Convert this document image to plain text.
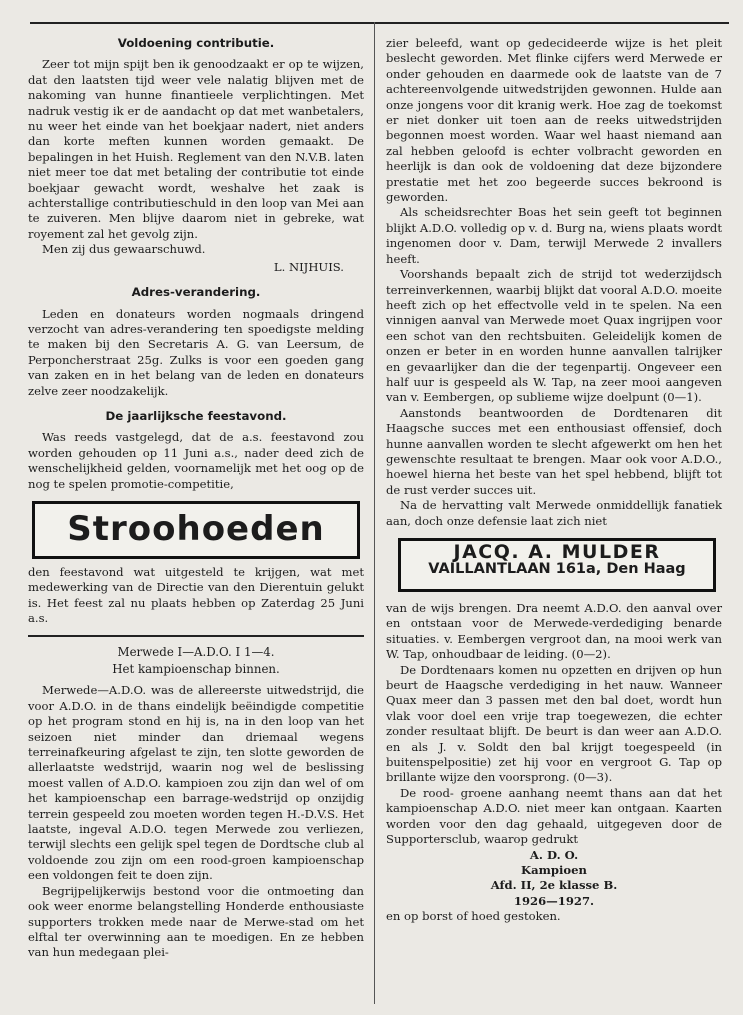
Voldoening contributie.

Zeer tot mijn spijt ben ik genoodzaakt er op te wijzen, dat den laatsten tijd weer vele nalatig blijven met de nakoming van hunne finantieele verplichtingen. Met nadruk vestig ik er de aandacht op dat met wanbetalers, nu weer het einde van het boekjaar nadert, niet anders dan korte meften kunnen worden gemaakt. De bepalingen in het Huish. Reglement van den N.V.B. laten niet meer toe dat met betaling der contributie tot einde boekjaar gewacht wordt, weshalve het zaak is achterstallige contributieschuld in den loop van Mei aan te zuiveren. Men blijve daarom niet in gebreke, wat royement zal het gevolg zijn.

Men zij dus gewaarschuwd.

L. NIJHUIS.
Adres-verandering.

Leden en donateurs worden nogmaals dringend verzocht van adres-verandering ten spoedigste melding te maken bij den Secretaris A. G. van Leersum, de Perponcherstraat 25g. Zulks is voor een goeden gang van zaken en in het belang van de leden en donateurs zelve zeer noodzakelijk.

De jaarlijksche feestavond.

Was reeds vastgelegd, dat de a.s. feestavond zou worden gehouden op 11 Juni a.s., nader deed zich de wenschelijkheid gelden, voornamelijk met het oog op de nog te spelen promotie-competitie,

Stroohoeden

den feestavond wat uitgesteld te krijgen, wat met medewerking van de Directie van den Dierentuin gelukt is. Het feest zal nu plaats hebben op Zaterdag 25 Juni a.s.

Merwede I—A.D.O. I 1—4.
Het kampioenschap binnen.

Merwede—A.D.O. was de allereerste uitwedstrijd, die voor A.D.O. in de thans eindelijk beëindigde competitie op het program stond en hij is, na in den loop van het seizoen niet minder dan driemaal wegens terreinafkeuring afgelast te zijn, ten slotte geworden de allerlaatste wedstrijd, waarin nog wel de beslissing moest vallen of A.D.O. kampioen zou zijn dan wel of om het kampioenschap een barrage-wedstrijd op onzijdig terrein gespeeld zou moeten worden tegen H.-D.V.S. Het laatste, ingeval A.D.O. tegen Merwede zou verliezen, terwijl slechts een gelijk spel tegen de Dordtsche club al voldoende zou zijn om een rood-groen kampioenschap een voldongen feit te doen zijn.

Begrijpelijkerwijs bestond voor die ontmoeting dan ook weer enorme belangstelling Honderde enthousiaste supporters trokken mede naar de Merwe-stad om het elftal ter overwinning aan te moedigen. En ze hebben van hun medegaan plei-

zier beleefd, want op gedecideerde wijze is het pleit beslecht geworden. Met flinke cijfers werd Merwede er onder gehouden en daarmede ook de laatste van de 7 achtereenvolgende uitwedstrijden gewonnen. Hulde aan onze jongens voor dit kranig werk. Hoe zag de toekomst er niet donker uit toen aan de reeks uitwedstrijden begonnen moest worden. Waar wel haast niemand aan zal hebben geloofd is echter volbracht geworden en heerlijk is dan ook de voldoening dat deze bijzondere prestatie met het zoo begeerde succes bekroond is geworden.

Als scheidsrechter Boas het sein geeft tot beginnen blijkt A.D.O. volledig op v. d. Burg na, wiens plaats wordt ingenomen door v. Dam, terwijl Merwede 2 invallers heeft.

Voorshands bepaalt zich de strijd tot wederzijdsch terreinverkennen, waarbij blijkt dat vooral A.D.O. moeite heeft zich op het effectvolle veld in te spelen. Na een vinnigen aanval van Merwede moet Quax ingrijpen voor een schot van den rechtsbuiten. Geleidelijk komen de onzen er beter in en worden hunne aanvallen talrijker en gevaarlijker dan die der tegenpartij. Ongeveer een half uur is gespeeld als W. Tap, na zeer mooi aangeven van v. Eembergen, op sublieme wijze doelpunt (0—1).

Aanstonds beantwoorden de Dordtenaren dit Haagsche succes met een enthousiast offensief, doch hunne aanvallen worden te slecht afgewerkt om hen het gewenschte resultaat te brengen. Maar ook voor A.D.O., hoewel hierna het beste van het spel hebbend, blijft tot de rust verder succes uit.

Na de hervatting valt Merwede onmiddellijk fanatiek aan, doch onze defensie laat zich niet

JACQ. A. MULDER
VAILLANTLAAN 161a, Den Haag

van de wijs brengen. Dra neemt A.D.O. den aanval over en ontstaan voor de Merwede-verdediging benarde situaties. v. Eembergen vergroot dan, na mooi werk van W. Tap, onhoudbaar de leiding. (0—2).

De Dordtenaars komen nu opzetten en drijven op hun beurt de Haagsche verdediging in het nauw. Wanneer Quax meer dan 3 passen met den bal doet, wordt hun vlak voor doel een vrije trap toegewezen, die echter zonder resultaat blijft. De beurt is dan weer aan A.D.O. en als J. v. Soldt den bal krijgt toegespeeld (in buitenspelpositie) zet hij voor en vergroot G. Tap op brillante wijze den voorsprong. (0—3).

De rood- groene aanhang neemt thans aan dat het kampioenschap A.D.O. niet meer kan ontgaan. Kaarten worden voor den dag gehaald, uitgegeven door de Supportersclub, waarop gedrukt

A. D. O.
Kampioen
Afd. II, 2e klasse B.
1926—1927.

en op borst of hoed gestoken.
